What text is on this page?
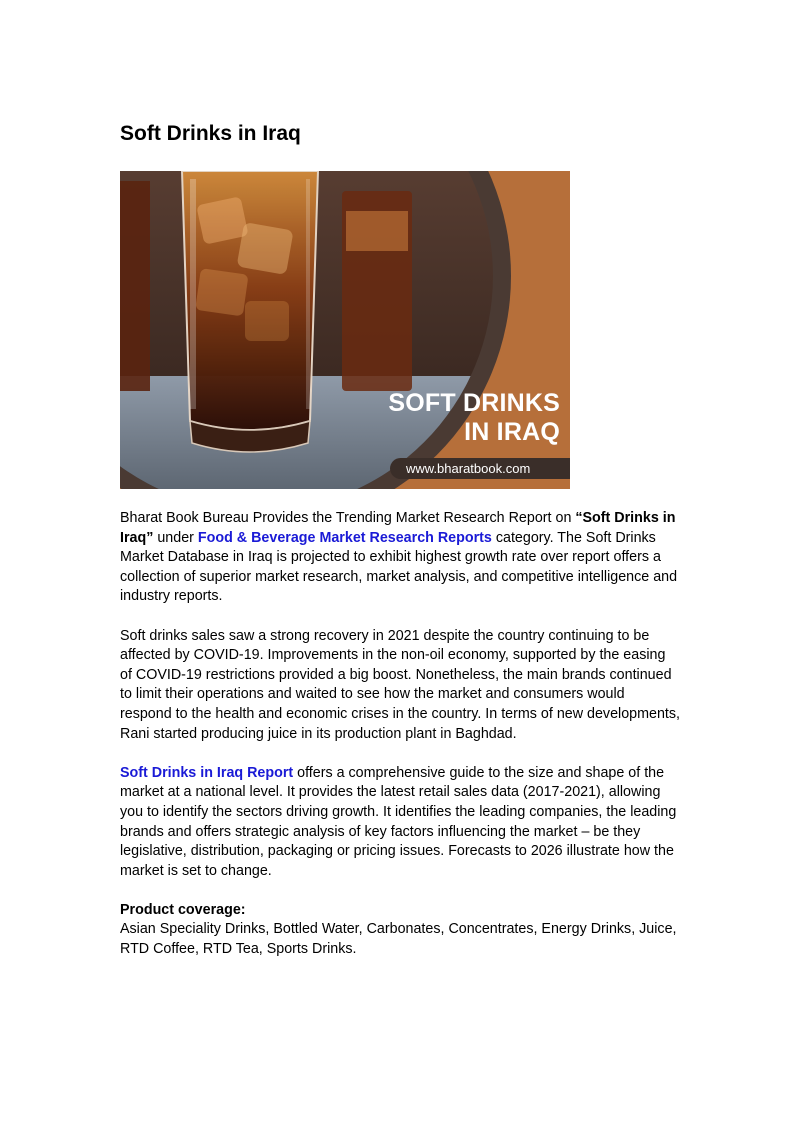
Soft Drinks in Iraq
SOFT DRINKS
IN IRAQ
www.bharatbook.com

Bharat Book Bureau Provides the Trending Market Research Report on “Soft Drinks in Iraq” under Food & Beverage Market Research Reports category. The Soft Drinks Market Database in Iraq is projected to exhibit highest growth rate over report offers a collection of superior market research, market analysis, and competitive intelligence and industry reports.

Soft drinks sales saw a strong recovery in 2021 despite the country continuing to be affected by COVID-19. Improvements in the non-oil economy, supported by the easing of COVID-19 restrictions provided a big boost. Nonetheless, the main brands continued to limit their operations and waited to see how the market and consumers would respond to the health and economic crises in the country. In terms of new developments, Rani started producing juice in its production plant in Baghdad.

Soft Drinks in Iraq Report offers a comprehensive guide to the size and shape of the market at a national level. It provides the latest retail sales data (2017-2021), allowing you to identify the sectors driving growth. It identifies the leading companies, the leading brands and offers strategic analysis of key factors influencing the market – be they legislative, distribution, packaging or pricing issues. Forecasts to 2026 illustrate how the market is set to change.

Product coverage:
Asian Speciality Drinks, Bottled Water, Carbonates, Concentrates, Energy Drinks, Juice, RTD Coffee, RTD Tea, Sports Drinks.
